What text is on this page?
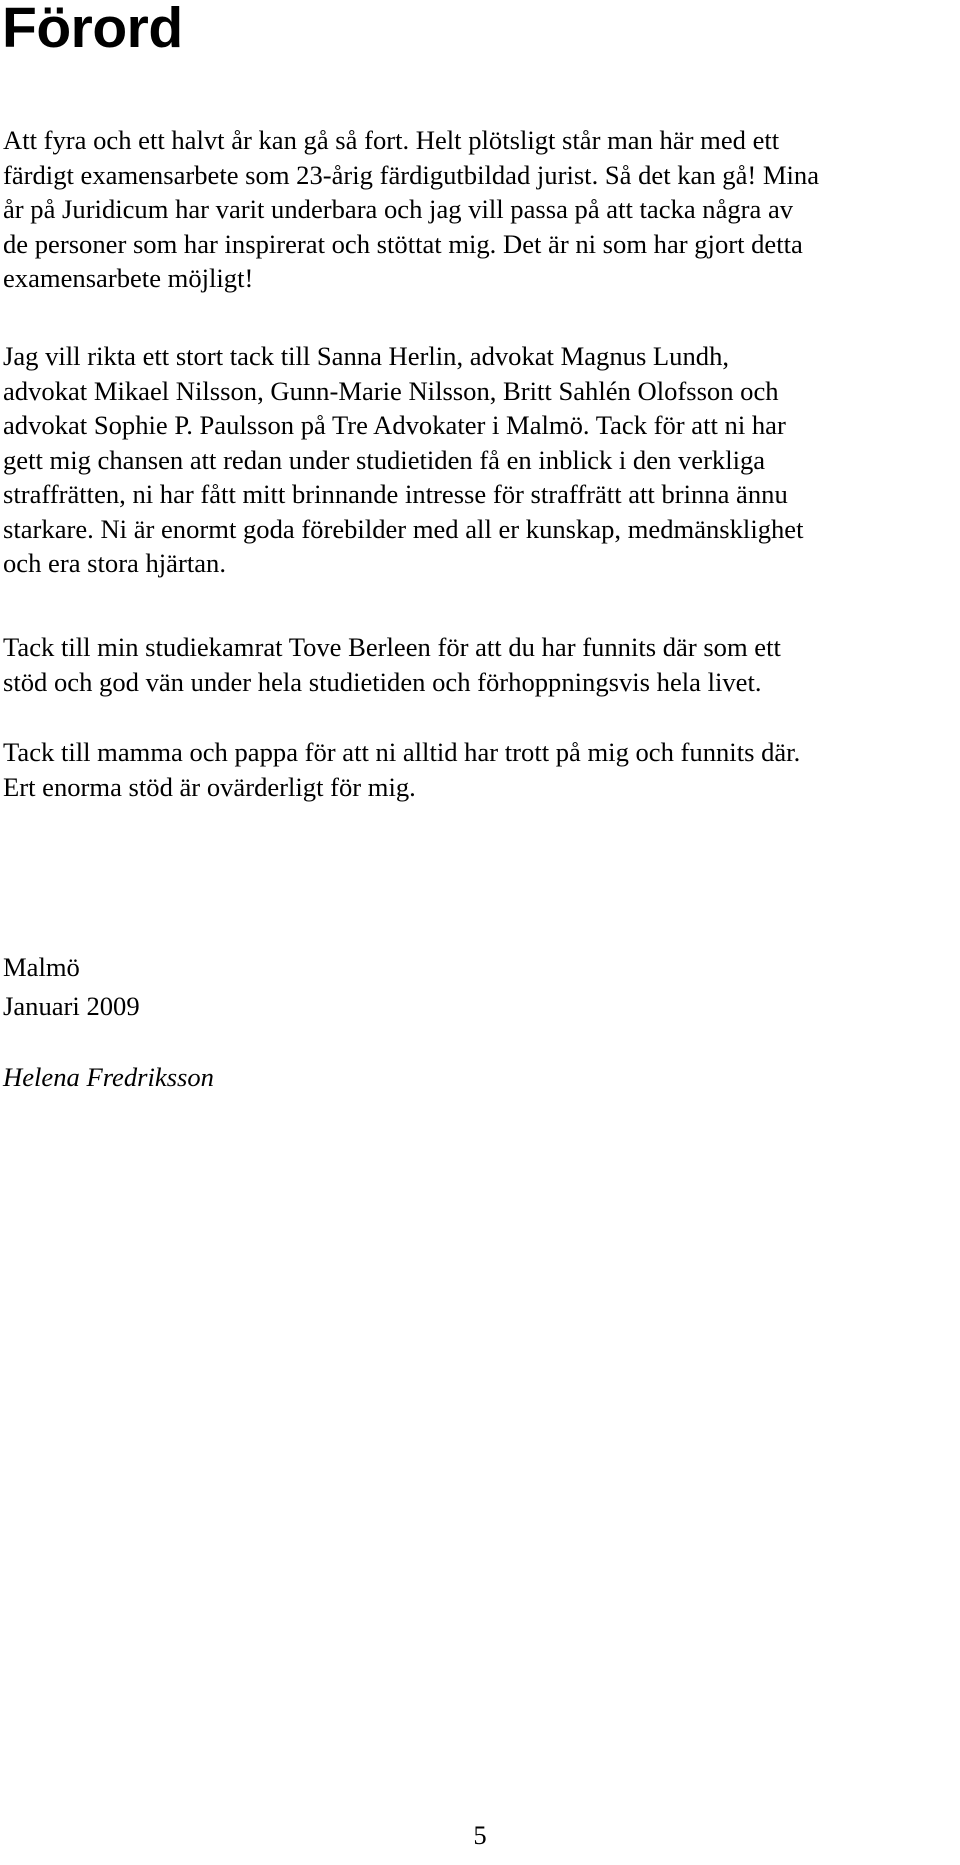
Förord

Att fyra och ett halvt år kan gå så fort. Helt plötsligt står man här med ett
färdigt examensarbete som 23-årig färdigutbildad jurist. Så det kan gå! Mina
år på Juridicum har varit underbara och jag vill passa på att tacka några av
de personer som har inspirerat och stöttat mig. Det är ni som har gjort detta
examensarbete möjligt!

Jag vill rikta ett stort tack till Sanna Herlin, advokat Magnus Lundh,
advokat Mikael Nilsson, Gunn-Marie Nilsson, Britt Sahlén Olofsson och
advokat Sophie P. Paulsson på Tre Advokater i Malmö. Tack för att ni har
gett mig chansen att redan under studietiden få en inblick i den verkliga
straffrätten, ni har fått mitt brinnande intresse för straffrätt att brinna ännu
starkare. Ni är enormt goda förebilder med all er kunskap, medmänsklighet
och era stora hjärtan.

Tack till min studiekamrat Tove Berleen för att du har funnits där som ett
stöd och god vän under hela studietiden och förhoppningsvis hela livet.

Tack till mamma och pappa för att ni alltid har trott på mig och funnits där.
Ert enorma stöd är ovärderligt för mig.

Malmö

Januari 2009

Helena Fredriksson

5
